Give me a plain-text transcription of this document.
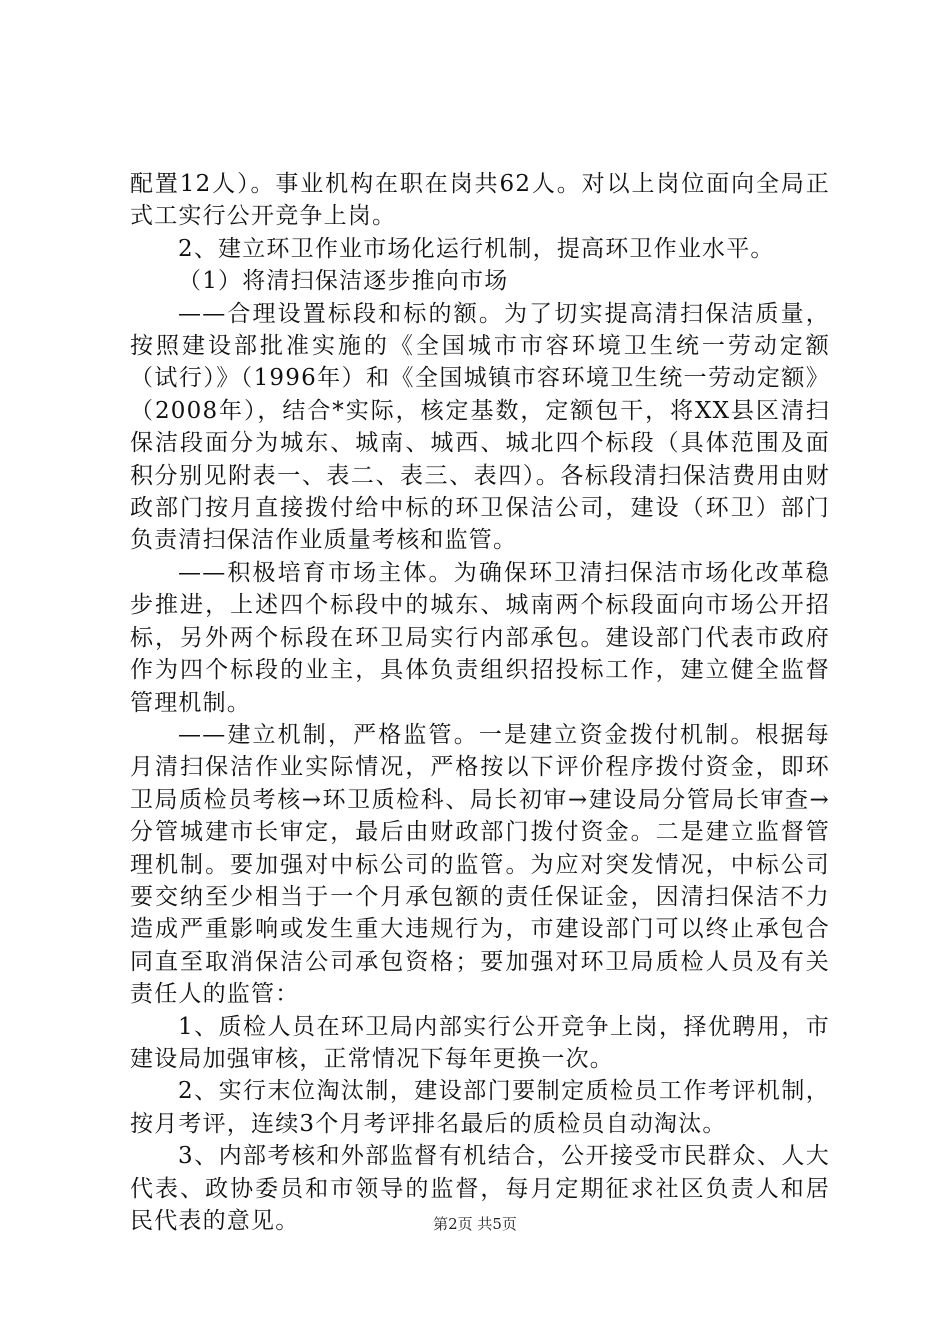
配置12人）。事业机构在职在岗共62人。对以上岗位面向全局正式工实行公开竞争上岗。

2、建立环卫作业市场化运行机制，提高环卫作业水平。

（1）将清扫保洁逐步推向市场

——合理设置标段和标的额。为了切实提高清扫保洁质量，按照建设部批准实施的《全国城市市容环境卫生统一劳动定额（试行）》（1996年）和《全国城镇市容环境卫生统一劳动定额》（2008年），结合*实际，核定基数，定额包干，将XX县区清扫保洁段面分为城东、城南、城西、城北四个标段（具体范围及面积分别见附表一、表二、表三、表四）。各标段清扫保洁费用由财政部门按月直接拨付给中标的环卫保洁公司，建设（环卫）部门负责清扫保洁作业质量考核和监管。

——积极培育市场主体。为确保环卫清扫保洁市场化改革稳步推进，上述四个标段中的城东、城南两个标段面向市场公开招标，另外两个标段在环卫局实行内部承包。建设部门代表市政府作为四个标段的业主，具体负责组织招投标工作，建立健全监督管理机制。

——建立机制，严格监管。一是建立资金拨付机制。根据每月清扫保洁作业实际情况，严格按以下评价程序拨付资金，即环卫局质检员考核→环卫质检科、局长初审→建设局分管局长审查→分管城建市长审定，最后由财政部门拨付资金。二是建立监督管理机制。要加强对中标公司的监管。为应对突发情况，中标公司要交纳至少相当于一个月承包额的责任保证金，因清扫保洁不力造成严重影响或发生重大违规行为，市建设部门可以终止承包合同直至取消保洁公司承包资格；要加强对环卫局质检人员及有关责任人的监管：

1、质检人员在环卫局内部实行公开竞争上岗，择优聘用，市建设局加强审核，正常情况下每年更换一次。

2、实行末位淘汰制，建设部门要制定质检员工作考评机制，按月考评，连续3个月考评排名最后的质检员自动淘汰。

3、内部考核和外部监督有机结合，公开接受市民群众、人大代表、政协委员和市领导的监督，每月定期征求社区负责人和居民代表的意见。	第2页 共5页
